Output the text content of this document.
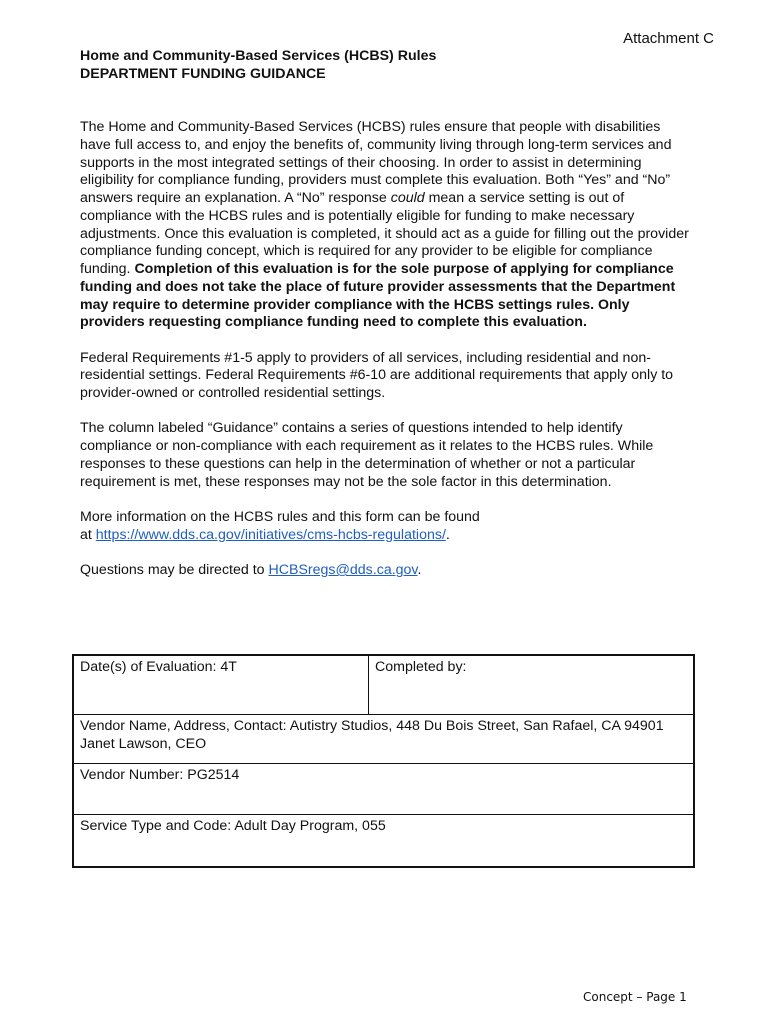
Attachment C
Home and Community-Based Services (HCBS) Rules
DEPARTMENT FUNDING GUIDANCE

The Home and Community-Based Services (HCBS) rules ensure that people with disabilities have full access to, and enjoy the benefits of, community living through long-term services and supports in the most integrated settings of their choosing. In order to assist in determining eligibility for compliance funding, providers must complete this evaluation. Both “Yes” and “No” answers require an explanation. A “No” response could mean a service setting is out of compliance with the HCBS rules and is potentially eligible for funding to make necessary adjustments. Once this evaluation is completed, it should act as a guide for filling out the provider compliance funding concept, which is required for any provider to be eligible for compliance funding. Completion of this evaluation is for the sole purpose of applying for compliance funding and does not take the place of future provider assessments that the Department may require to determine provider compliance with the HCBS settings rules. Only providers requesting compliance funding need to complete this evaluation.

Federal Requirements #1-5 apply to providers of all services, including residential and non-residential settings. Federal Requirements #6-10 are additional requirements that apply only to provider-owned or controlled residential settings.

The column labeled “Guidance” contains a series of questions intended to help identify compliance or non-compliance with each requirement as it relates to the HCBS rules. While responses to these questions can help in the determination of whether or not a particular requirement is met, these responses may not be the sole factor in this determination.

More information on the HCBS rules and this form can be found
at https://www.dds.ca.gov/initiatives/cms-hcbs-regulations/.

Questions may be directed to HCBSregs@dds.ca.gov.

Date(s) of Evaluation: 4T	Completed by:
Vendor Name, Address, Contact: Autistry Studios, 448 Du Bois Street, San Rafael, CA 94901 Janet Lawson, CEO
Vendor Number: PG2514
Service Type and Code: Adult Day Program, 055
Concept – Page 1
